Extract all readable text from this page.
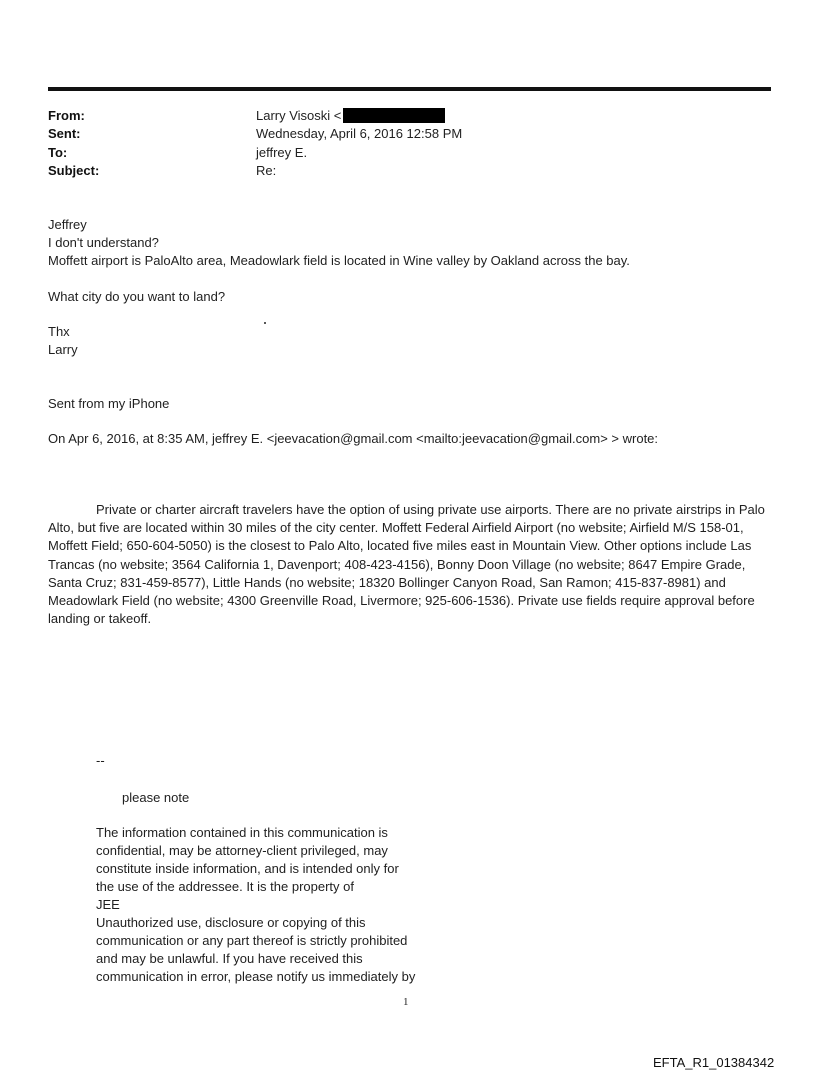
From:	Larry Visoski <
Sent:	Wednesday, April 6, 2016 12:58 PM
To:	jeffrey E.
Subject:	Re:
Jeffrey
I don't understand?
Moffett airport is PaloAlto area, Meadowlark field is located in Wine valley by Oakland across the bay.
What city do you want to land?
Thx
Larry
Sent from my iPhone
On Apr 6, 2016, at 8:35 AM, jeffrey E. <jeevacation@gmail.com <mailto:jeevacation@gmail.com> > wrote:
Private or charter aircraft travelers have the option of using private use airports. There are no private airstrips in Palo Alto, but five are located within 30 miles of the city center. Moffett Federal Airfield Airport (no website; Airfield M/S 158-01, Moffett Field; 650-604-5050) is the closest to Palo Alto, located five miles east in Mountain View. Other options include Las Trancas (no website; 3564 California 1, Davenport; 408-423-4156), Bonny Doon Village (no website; 8647 Empire Grade, Santa Cruz; 831-459-8577), Little Hands (no website; 18320 Bollinger Canyon Road, San Ramon; 415-837-8981) and Meadowlark Field (no website; 4300 Greenville Road, Livermore; 925-606-1536). Private use fields require approval before landing or takeoff.
--
please note
The information contained in this communication is
confidential, may be attorney-client privileged, may
constitute inside information, and is intended only for
the use of the addressee. It is the property of
JEE
Unauthorized use, disclosure or copying of this
communication or any part thereof is strictly prohibited
and may be unlawful. If you have received this
communication in error, please notify us immediately by
1
EFTA_R1_01384342
